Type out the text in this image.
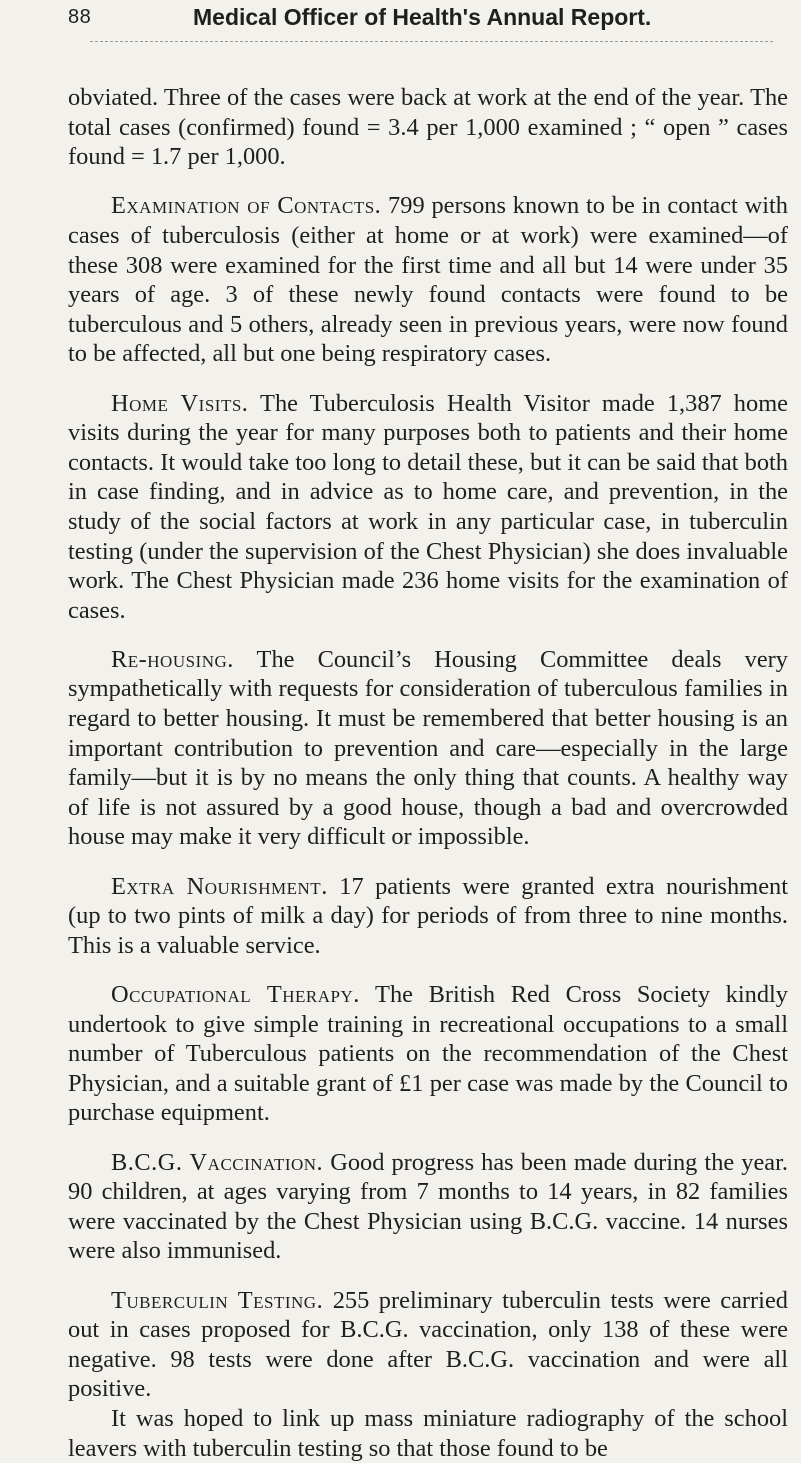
88	Medical Officer of Health's Annual Report.

obviated. Three of the cases were back at work at the end of the year. The total cases (confirmed) found = 3.4 per 1,000 examined ; “ open ” cases found = 1.7 per 1,000.

Examination of Contacts. 799 persons known to be in contact with cases of tuberculosis (either at home or at work) were examined—of these 308 were examined for the first time and all but 14 were under 35 years of age. 3 of these newly found contacts were found to be tuberculous and 5 others, already seen in previous years, were now found to be affected, all but one being respiratory cases.

Home Visits. The Tuberculosis Health Visitor made 1,387 home visits during the year for many purposes both to patients and their home contacts. It would take too long to detail these, but it can be said that both in case finding, and in advice as to home care, and prevention, in the study of the social factors at work in any particular case, in tuberculin testing (under the supervision of the Chest Physician) she does invaluable work. The Chest Physician made 236 home visits for the examination of cases.

Re-housing. The Council’s Housing Committee deals very sympathetically with requests for consideration of tuberculous families in regard to better housing. It must be remembered that better housing is an important contribution to prevention and care—especially in the large family—but it is by no means the only thing that counts. A healthy way of life is not assured by a good house, though a bad and overcrowded house may make it very difficult or impossible.

Extra Nourishment. 17 patients were granted extra nourishment (up to two pints of milk a day) for periods of from three to nine months. This is a valuable service.

Occupational Therapy. The British Red Cross Society kindly undertook to give simple training in recreational occupations to a small number of Tuberculous patients on the recommendation of the Chest Physician, and a suitable grant of £1 per case was made by the Council to purchase equipment.

B.C.G. Vaccination. Good progress has been made during the year. 90 children, at ages varying from 7 months to 14 years, in 82 families were vaccinated by the Chest Physician using B.C.G. vaccine. 14 nurses were also immunised.

Tuberculin Testing. 255 preliminary tuberculin tests were carried out in cases proposed for B.C.G. vaccination, only 138 of these were negative. 98 tests were done after B.C.G. vaccination and were all positive.

It was hoped to link up mass miniature radiography of the school leavers with tuberculin testing so that those found to be
